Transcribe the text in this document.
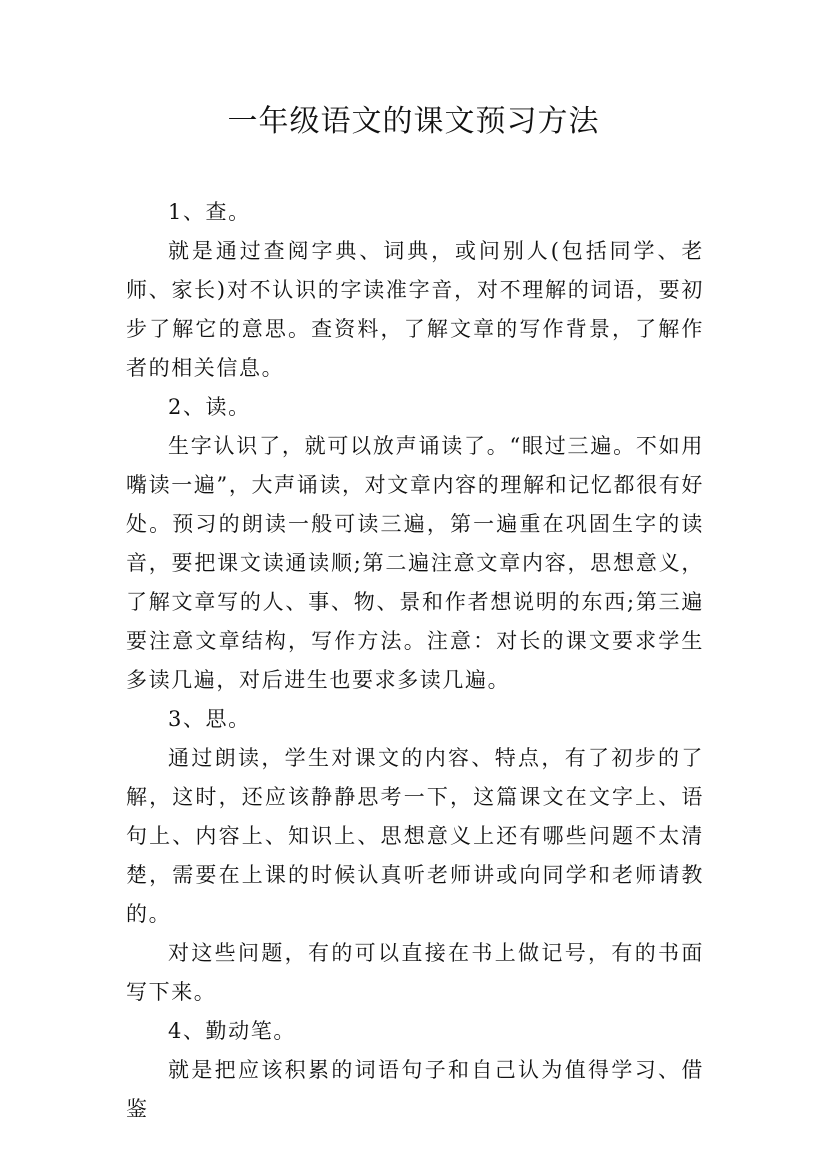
一年级语文的课文预习方法

1、查。

就是通过查阅字典、词典，或问别人(包括同学、老师、家长)对不认识的字读准字音，对不理解的词语，要初步了解它的意思。查资料，了解文章的写作背景，了解作者的相关信息。

2、读。

生字认识了，就可以放声诵读了。“眼过三遍。不如用嘴读一遍”，大声诵读，对文章内容的理解和记忆都很有好处。预习的朗读一般可读三遍，第一遍重在巩固生字的读音，要把课文读通读顺;第二遍注意文章内容，思想意义，了解文章写的人、事、物、景和作者想说明的东西;第三遍要注意文章结构，写作方法。注意：对长的课文要求学生多读几遍，对后进生也要求多读几遍。

3、思。

通过朗读，学生对课文的内容、特点，有了初步的了解，这时，还应该静静思考一下，这篇课文在文字上、语句上、内容上、知识上、思想意义上还有哪些问题不太清楚，需要在上课的时候认真听老师讲或向同学和老师请教的。

对这些问题，有的可以直接在书上做记号，有的书面写下来。

4、勤动笔。

就是把应该积累的词语句子和自己认为值得学习、借鉴
